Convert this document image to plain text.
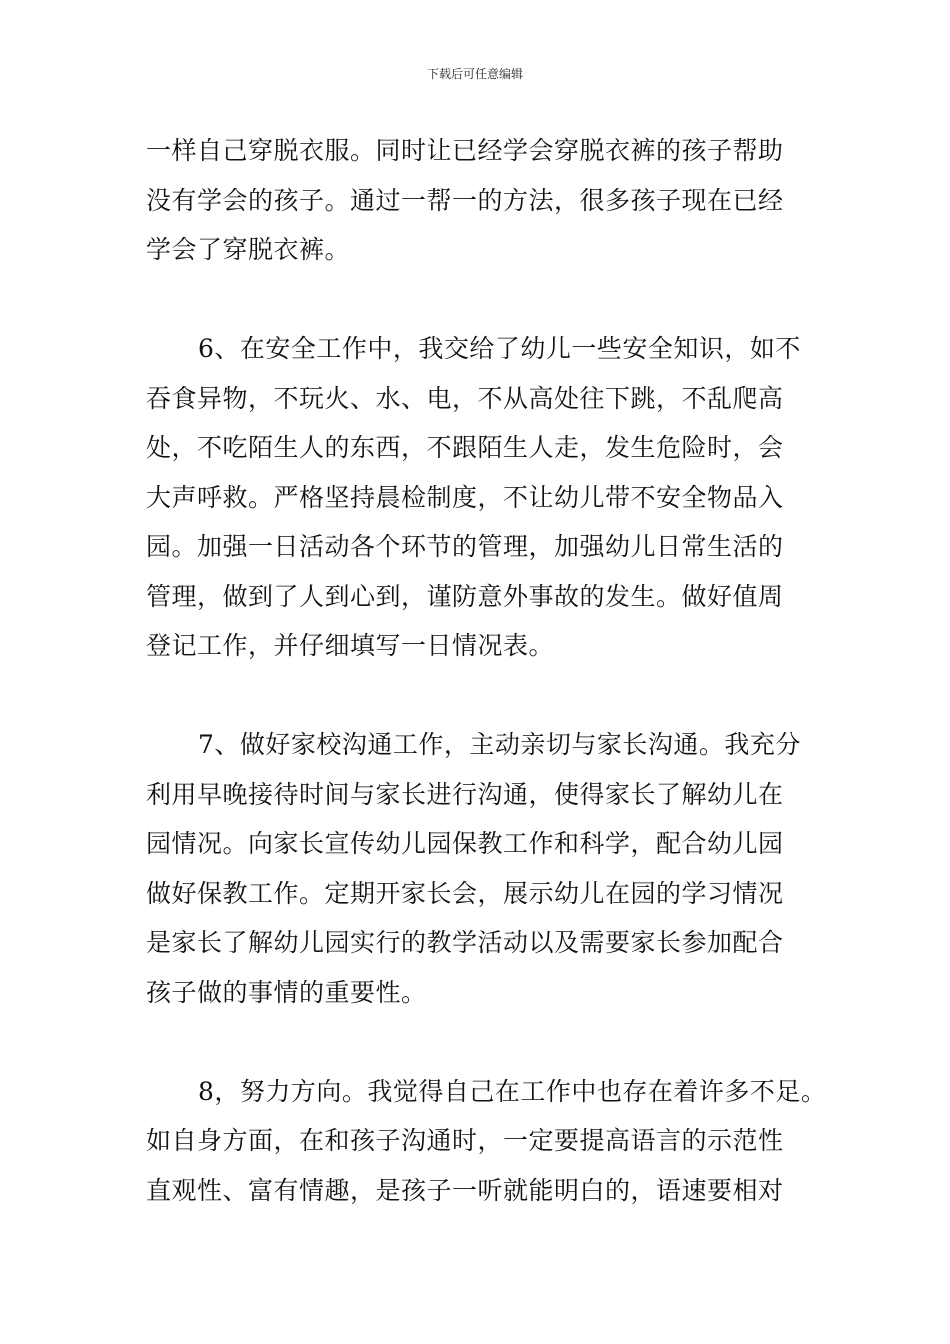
下载后可任意编辑
一样自己穿脱衣服。同时让已经学会穿脱衣裤的孩子帮助
没有学会的孩子。通过一帮一的方法，很多孩子现在已经
学会了穿脱衣裤。
6、在安全工作中，我交给了幼儿一些安全知识，如不
吞食异物，不玩火、水、电，不从高处往下跳，不乱爬高
处，不吃陌生人的东西，不跟陌生人走，发生危险时，会
大声呼救。严格坚持晨检制度，不让幼儿带不安全物品入
园。加强一日活动各个环节的管理，加强幼儿日常生活的
管理，做到了人到心到，谨防意外事故的发生。做好值周
登记工作，并仔细填写一日情况表。
7、做好家校沟通工作，主动亲切与家长沟通。我充分
利用早晚接待时间与家长进行沟通，使得家长了解幼儿在
园情况。向家长宣传幼儿园保教工作和科学，配合幼儿园
做好保教工作。定期开家长会，展示幼儿在园的学习情况
是家长了解幼儿园实行的教学活动以及需要家长参加配合
孩子做的事情的重要性。
8，努力方向。我觉得自己在工作中也存在着许多不足。
如自身方面，在和孩子沟通时，一定要提高语言的示范性
直观性、富有情趣，是孩子一听就能明白的，语速要相对
